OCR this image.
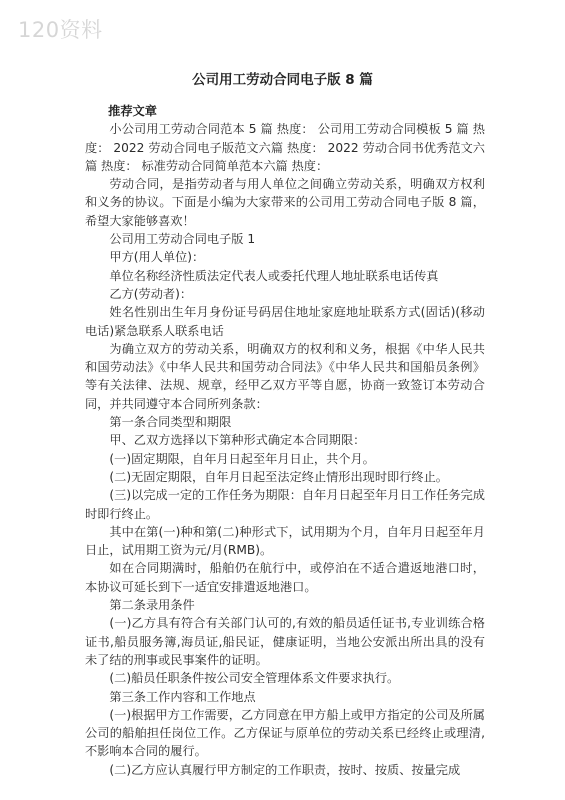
120资料
公司用工劳动合同电子版 8 篇

推荐文章

小公司用工劳动合同范本 5 篇 热度： 公司用工劳动合同模板 5 篇 热度： 2022 劳动合同电子版范文六篇 热度： 2022 劳动合同书优秀范文六篇 热度： 标准劳动合同简单范本六篇 热度：

劳动合同，是指劳动者与用人单位之间确立劳动关系，明确双方权利和义务的协议。下面是小编为大家带来的公司用工劳动合同电子版 8 篇，希望大家能够喜欢！

公司用工劳动合同电子版 1

甲方(用人单位)：

单位名称经济性质法定代表人或委托代理人地址联系电话传真

乙方(劳动者)：

姓名性别出生年月身份证号码居住地址家庭地址联系方式(固话)(移动电话)紧急联系人联系电话

为确立双方的劳动关系，明确双方的权利和义务，根据《中华人民共和国劳动法》《中华人民共和国劳动合同法》《中华人民共和国船员条例》等有关法律、法规、规章，经甲乙双方平等自愿，协商一致签订本劳动合同，并共同遵守本合同所列条款：

第一条合同类型和期限

甲、乙双方选择以下第种形式确定本合同期限：

(一)固定期限，自年月日起至年月日止，共个月。

(二)无固定期限，自年月日起至法定终止情形出现时即行终止。

(三)以完成一定的工作任务为期限：自年月日起至年月日工作任务完成时即行终止。

其中在第(一)种和第(二)种形式下，试用期为个月，自年月日起至年月日止，试用期工资为元/月(RMB)。

如在合同期满时，船舶仍在航行中，或停泊在不适合遣返地港口时，本协议可延长到下一适宜安排遣返地港口。

第二条录用条件

(一)乙方具有符合有关部门认可的,有效的船员适任证书,专业训练合格证书,船员服务簿,海员证,船民证，健康证明，当地公安派出所出具的没有未了结的刑事或民事案件的证明。

(二)船员任职条件按公司安全管理体系文件要求执行。

第三条工作内容和工作地点

(一)根据甲方工作需要，乙方同意在甲方船上或甲方指定的公司及所属公司的船舶担任岗位工作。乙方保证与原单位的劳动关系已经终止或理清,不影响本合同的履行。

(二)乙方应认真履行甲方制定的工作职责，按时、按质、按量完成
